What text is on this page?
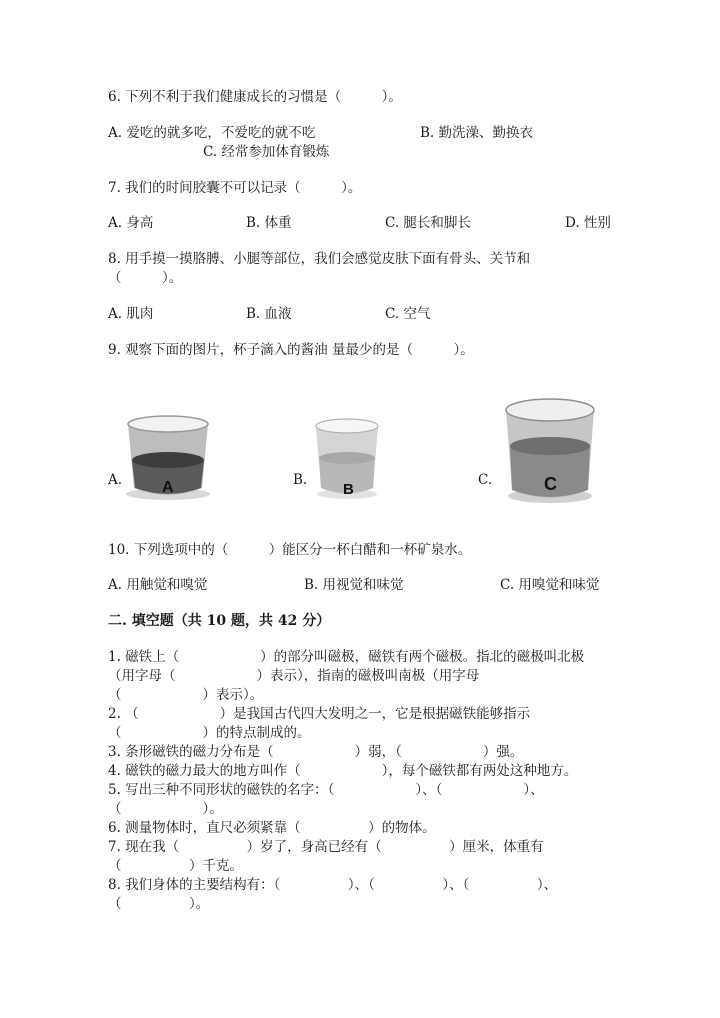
6. 下列不利于我们健康成长的习惯是（　　　）。
A. 爱吃的就多吃，不爱吃的就不吃	B. 勤洗澡、勤换衣
C. 经常参加体育锻炼
7. 我们的时间胶囊不可以记录（　　　）。
A. 身高	B. 体重	C. 腿长和脚长	D. 性别
8. 用手摸一摸胳膊、小腿等部位，我们会感觉皮肤下面有骨头、关节和
（　　　）。
A. 肌肉	B. 血液	C. 空气
9. 观察下面的图片，杯子滴入的酱油 量最少的是（　　　）。
A. A	B.
B
C.	C
10. 下列选项中的（　　　）能区分一杯白醋和一杯矿泉水。
A. 用触觉和嗅觉	B. 用视觉和味觉	C. 用嗅觉和味觉
二. 填空题（共 10 题，共 42 分）
1. 磁铁上（　　　　　　）的部分叫磁极，磁铁有两个磁极。指北的磁极叫北极
（用字母（　　　　　　）表示），指南的磁极叫南极（用字母
（　　　　　　）表示）。
2. （　　　　　　）是我国古代四大发明之一，它是根据磁铁能够指示
（　　　　　　）的特点制成的。
3. 条形磁铁的磁力分布是（　　　　　　）弱，（　　　　　　）强。
4. 磁铁的磁力最大的地方叫作（　　　　　　），每个磁铁都有两处这种地方。
5. 写出三种不同形状的磁铁的名字：（　　　　　　）、（　　　　　　）、
（　　　　　　）。
6. 测量物体时，直尺必须紧靠（　　　　　）的物体。
7. 现在我（　　　　　）岁了，身高已经有（　　　　　）厘米，体重有
（　　　　　）千克。
8. 我们身体的主要结构有：（　　　　　）、（　　　　　）、（　　　　　）、
（　　　　　）。
